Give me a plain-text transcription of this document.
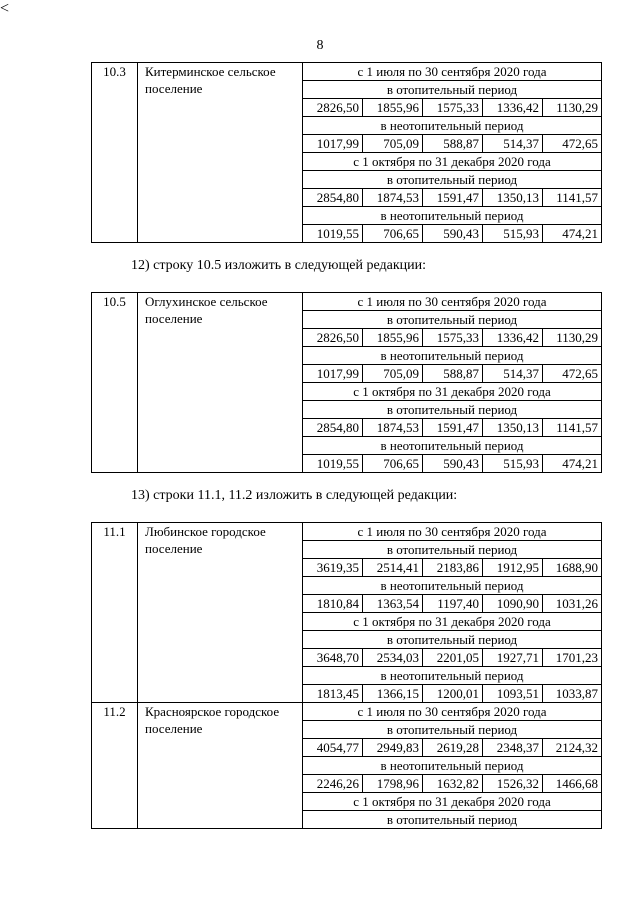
8
<
10.3	Китерминское сельское поселение	с 1 июля по 30 сентября 2020 года				
		в отопительный период				
		2826,50	1855,96	1575,33	1336,42	1130,29
		в неотопительный период				
		1017,99	705,09	588,87	514,37	472,65
		с 1 октября по 31 декабря 2020 года				
		в отопительный период				
		2854,80	1874,53	1591,47	1350,13	1141,57
		в неотопительный период				
		1019,55	706,65	590,43	515,93	474,21
12) строку 10.5 изложить в следующей редакции:
10.5	Оглухинское сельское поселение	с 1 июля по 30 сентября 2020 года				
		в отопительный период				
		2826,50	1855,96	1575,33	1336,42	1130,29
		в неотопительный период				
		1017,99	705,09	588,87	514,37	472,65
		с 1 октября по 31 декабря 2020 года				
		в отопительный период				
		2854,80	1874,53	1591,47	1350,13	1141,57
		в неотопительный период				
		1019,55	706,65	590,43	515,93	474,21
13) строки 11.1, 11.2 изложить в следующей редакции:
11.1	Любинское городское поселение	с 1 июля по 30 сентября 2020 года				
		в отопительный период				
		3619,35	2514,41	2183,86	1912,95	1688,90
		в неотопительный период				
		1810,84	1363,54	1197,40	1090,90	1031,26
		с 1 октября по 31 декабря 2020 года				
		в отопительный период				
		3648,70	2534,03	2201,05	1927,71	1701,23
		в неотопительный период				
		1813,45	1366,15	1200,01	1093,51	1033,87
11.2	Красноярское городское поселение	с 1 июля по 30 сентября 2020 года				
		в отопительный период				
		4054,77	2949,83	2619,28	2348,37	2124,32
		в неотопительный период				
		2246,26	1798,96	1632,82	1526,32	1466,68
		с 1 октября по 31 декабря 2020 года				
		в отопительный период				
